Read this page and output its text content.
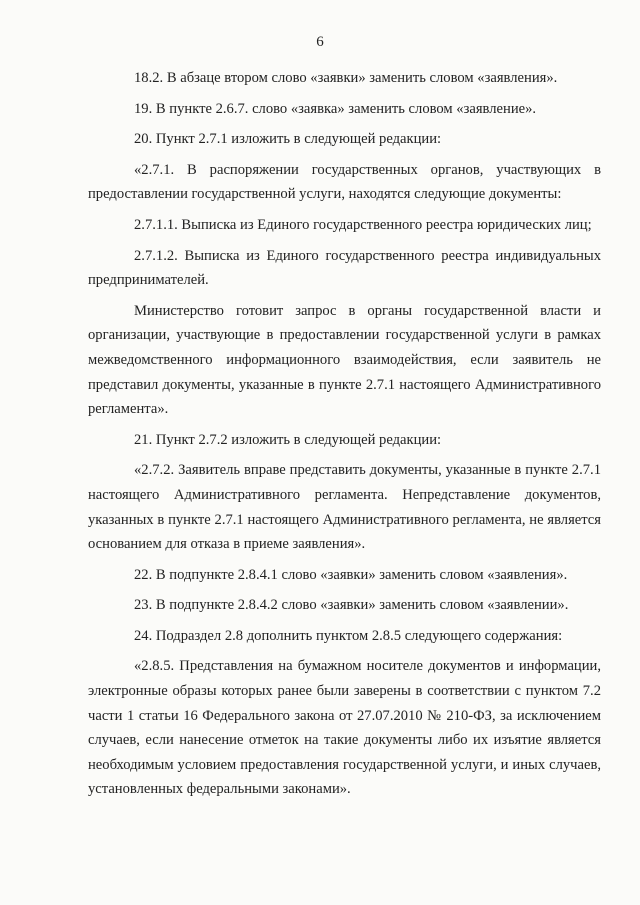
6

18.2. В абзаце втором слово «заявки» заменить словом «заявления».

19. В пункте 2.6.7. слово «заявка» заменить словом «заявление».

20. Пункт 2.7.1 изложить в следующей редакции:

«2.7.1. В распоряжении государственных органов, участвующих в предоставлении государственной услуги, находятся следующие документы:

2.7.1.1. Выписка из Единого государственного реестра юридических лиц;

2.7.1.2. Выписка из Единого государственного реестра индивидуальных предпринимателей.

Министерство готовит запрос в органы государственной власти и организации, участвующие в предоставлении государственной услуги в рамках межведомственного информационного взаимодействия, если заявитель не представил документы, указанные в пункте 2.7.1 настоящего Административного регламента».

21. Пункт 2.7.2 изложить в следующей редакции:

«2.7.2. Заявитель вправе представить документы, указанные в пункте 2.7.1 настоящего Административного регламента. Непредставление документов, указанных в пункте 2.7.1 настоящего Административного регламента, не является основанием для отказа в приеме заявления».

22. В подпункте 2.8.4.1 слово «заявки» заменить словом «заявления».

23. В подпункте 2.8.4.2 слово «заявки» заменить словом «заявлении».

24. Подраздел 2.8 дополнить пунктом 2.8.5 следующего содержания:

«2.8.5. Представления на бумажном носителе документов и информации, электронные образы которых ранее были заверены в соответствии с пунктом 7.2 части 1 статьи 16 Федерального закона от 27.07.2010 № 210-ФЗ, за исключением случаев, если нанесение отметок на такие документы либо их изъятие является необходимым условием предоставления государственной услуги, и иных случаев, установленных федеральными законами».
